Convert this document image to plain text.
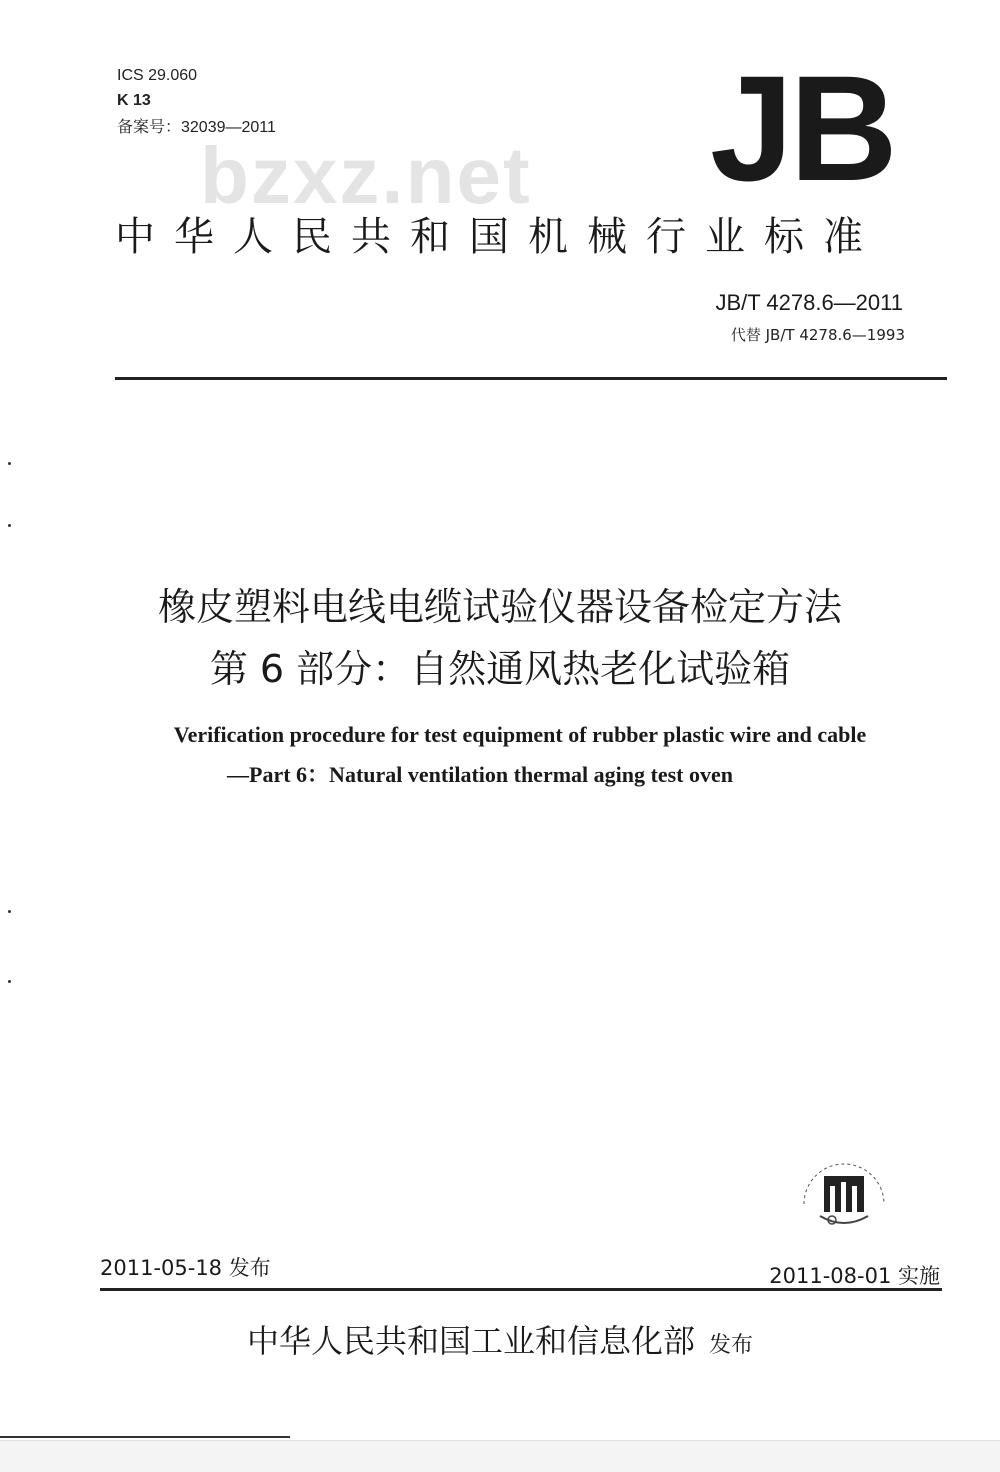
ICS 29.060
K 13
备案号：32039—2011
bzxz.net JB
中华人民共和国机械行业标准
JB/T 4278.6—2011
代替 JB/T 4278.6—1993
橡皮塑料电线电缆试验仪器设备检定方法
第 6 部分：自然通风热老化试验箱
Verification procedure for test equipment of rubber plastic wire and cable
—Part 6：Natural ventilation thermal aging test oven
2011-05-18 发布	2011-08-01 实施
中华人民共和国工业和信息化部 发布
